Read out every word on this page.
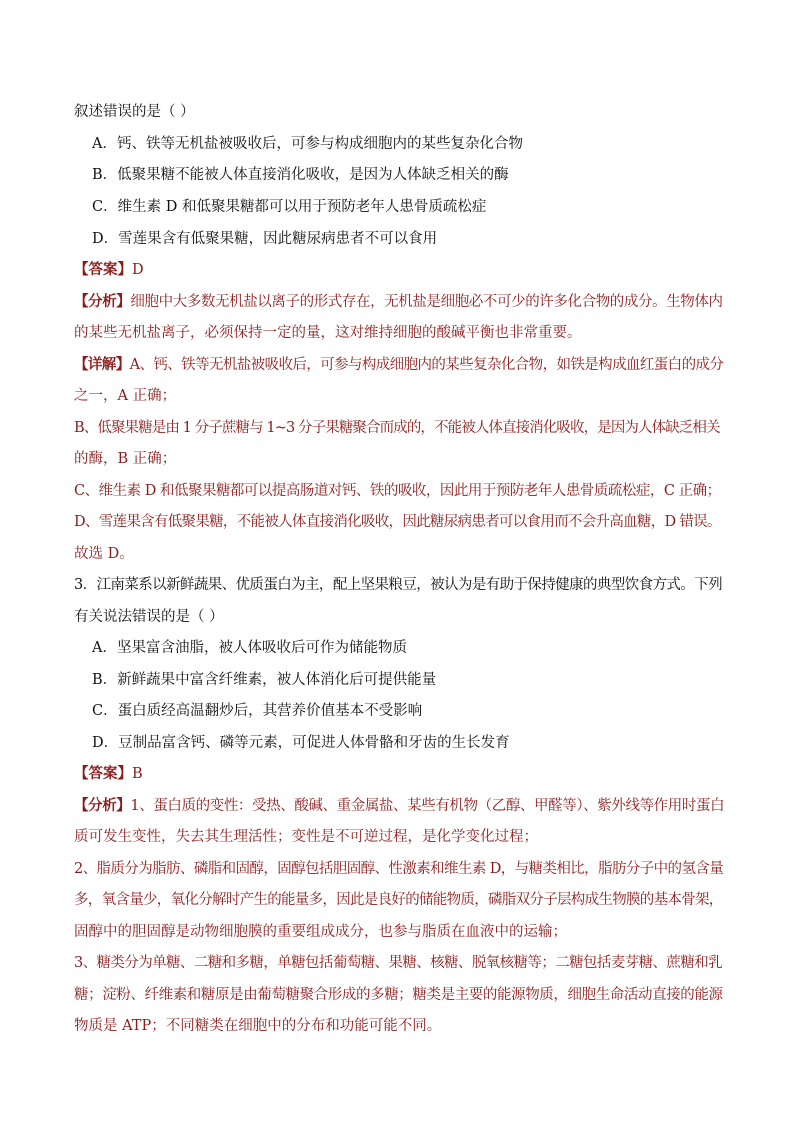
叙述错误的是（ ）
A．钙、铁等无机盐被吸收后，可参与构成细胞内的某些复杂化合物
B．低聚果糖不能被人体直接消化吸收，是因为人体缺乏相关的酶
C．维生素 D 和低聚果糖都可以用于预防老年人患骨质疏松症
D．雪莲果含有低聚果糖，因此糖尿病患者不可以食用
【答案】D
【分析】细胞中大多数无机盐以离子的形式存在，无机盐是细胞必不可少的许多化合物的成分。生物体内
的某些无机盐离子，必须保持一定的量，这对维持细胞的酸碱平衡也非常重要。
【详解】A、钙、铁等无机盐被吸收后，可参与构成细胞内的某些复杂化合物，如铁是构成血红蛋白的成分
之一，A 正确；
B、低聚果糖是由 1 分子蔗糖与 1~3 分子果糖聚合而成的，不能被人体直接消化吸收，是因为人体缺乏相关
的酶，B 正确；
C、维生素 D 和低聚果糖都可以提高肠道对钙、铁的吸收，因此用于预防老年人患骨质疏松症，C 正确；
D、雪莲果含有低聚果糖，不能被人体直接消化吸收，因此糖尿病患者可以食用而不会升高血糖，D 错误。
故选 D。
3．江南菜系以新鲜蔬果、优质蛋白为主，配上坚果粮豆，被认为是有助于保持健康的典型饮食方式。下列
有关说法错误的是（ ）
A．坚果富含油脂，被人体吸收后可作为储能物质
B．新鲜蔬果中富含纤维素，被人体消化后可提供能量
C．蛋白质经高温翻炒后，其营养价值基本不受影响
D．豆制品富含钙、磷等元素，可促进人体骨骼和牙齿的生长发育
【答案】B
【分析】1、蛋白质的变性：受热、酸碱、重金属盐、某些有机物（乙醇、甲醛等）、紫外线等作用时蛋白
质可发生变性，失去其生理活性；变性是不可逆过程，是化学变化过程；
2、脂质分为脂肪、磷脂和固醇，固醇包括胆固醇、性激素和维生素 D，与糖类相比，脂肪分子中的氢含量
多，氧含量少，氧化分解时产生的能量多，因此是良好的储能物质，磷脂双分子层构成生物膜的基本骨架，
固醇中的胆固醇是动物细胞膜的重要组成成分，也参与脂质在血液中的运输；
3、糖类分为单糖、二糖和多糖，单糖包括葡萄糖、果糖、核糖、脱氧核糖等；二糖包括麦芽糖、蔗糖和乳
糖；淀粉、纤维素和糖原是由葡萄糖聚合形成的多糖；糖类是主要的能源物质，细胞生命活动直接的能源
物质是 ATP；不同糖类在细胞中的分布和功能可能不同。
